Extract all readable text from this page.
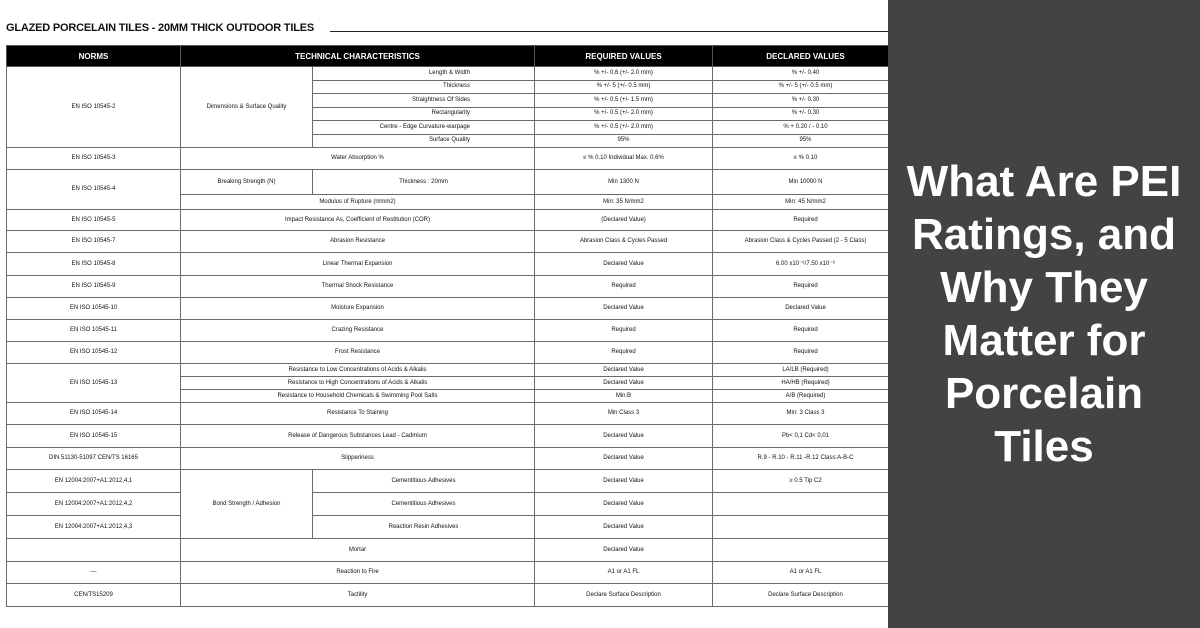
GLAZED PORCELAIN TILES - 20MM THICK OUTDOOR TILES
NORMS	TECHNICAL CHARACTERISTICS		REQUIRED VALUES	DECLARED VALUES
EN ISO 10545-2	Dimensions & Surface Quality	Length & Width	% +/- 0,6 (+/- 2.0 mm)	% +/- 0.40
		Thickness	% +/- 5 (+/- 0.5 mm)	% +/- 5 (+/- 0.5 mm)
		Straightness Of Sides	% +/- 0.5 (+/- 1.5 mm)	% +/- 0.30
		Rectangularity	% +/- 0.5 (+/- 2.0 mm)	% +/- 0.30
		Centre - Edge Curvature-warpage	% +/- 0.5 (+/- 2.0 mm)	% + 0.20 / - 0.10
		Surface Quality	95%	95%
EN ISO 10545-3	Water Absorption %		≤ % 0.10 Individual Max. 0.6%	≤ % 0.10
EN ISO 10545-4	Breaking Strength (N)	Thickness : 20mm	Min 1300 N	Min 10000 N
	Modulus of Rupture (n/mm2)		Min: 35 N/mm2	Min: 45 N/mm2
EN ISO 10545-5	Impact Resistance As, Coefficient of Restitution (COR)		(Declared Value)	Required
EN ISO 10545-7	Abrasion Resistance		Abrasion Class & Cycles Passed	Abrasion Class & Cycles Passed (2 - 5 Class)
EN ISO 10545-8	Linear Thermal Expansion		Declared Value	6.00 x10⁻⁶/7.50 x10⁻⁶
EN ISO 10545-9	Thermal Shock Resistance		Required	Required
EN ISO 10545-10	Moisture Expansion		Declared Value	Declared Value
EN ISO 10545-11	Crazing Resistance		Required	Required
EN ISO 10545-12	Frost Resistance		Required	Required
EN ISO 10545-13	Resistance to Low Concentrations of Acids & Alkalis		Declared Value	LA/LB (Required)
	Resistance to High Concentrations of Acids & Alkalis		Declared Value	HA/HB (Required)
	Resistance to Household Chemicals & Swimming Pool Salts		Min:B	A/B (Required)
EN ISO 10545-14	Resistance To Staining		Min Class 3	Min: 3 Class 3
EN ISO 10545-15	Release of Dangerous Substances Lead - Cadmium		Declared Value	Pb< 0,1 Cd< 0,01
DIN 51130-51097 CEN/TS 16165	Slipperiness		Declared Value	R.9 - R.10 - R.11 -R.12 Class:A-B-C
EN 12004:2007+A1:2012,4,1	Bond Strength / Adhesion	Cementitious Adhesives	Declared Value	≥ 0.5 Tip C2
EN 12004:2007+A1:2012,4,2		Cementitious Adhesives	Declared Value	
EN 12004:2007+A1:2012,4,3		Reaction Resin Adhesives	Declared Value	
	Mortar		Declared Value	
—	Reaction to Fire		A1 or A1 FL	A1 or A1 FL
CEN/TS15209	Tactility		Declare Surface Description	Declare Surface Description
What Are PEI Ratings, and Why They Matter for Porcelain Tiles
